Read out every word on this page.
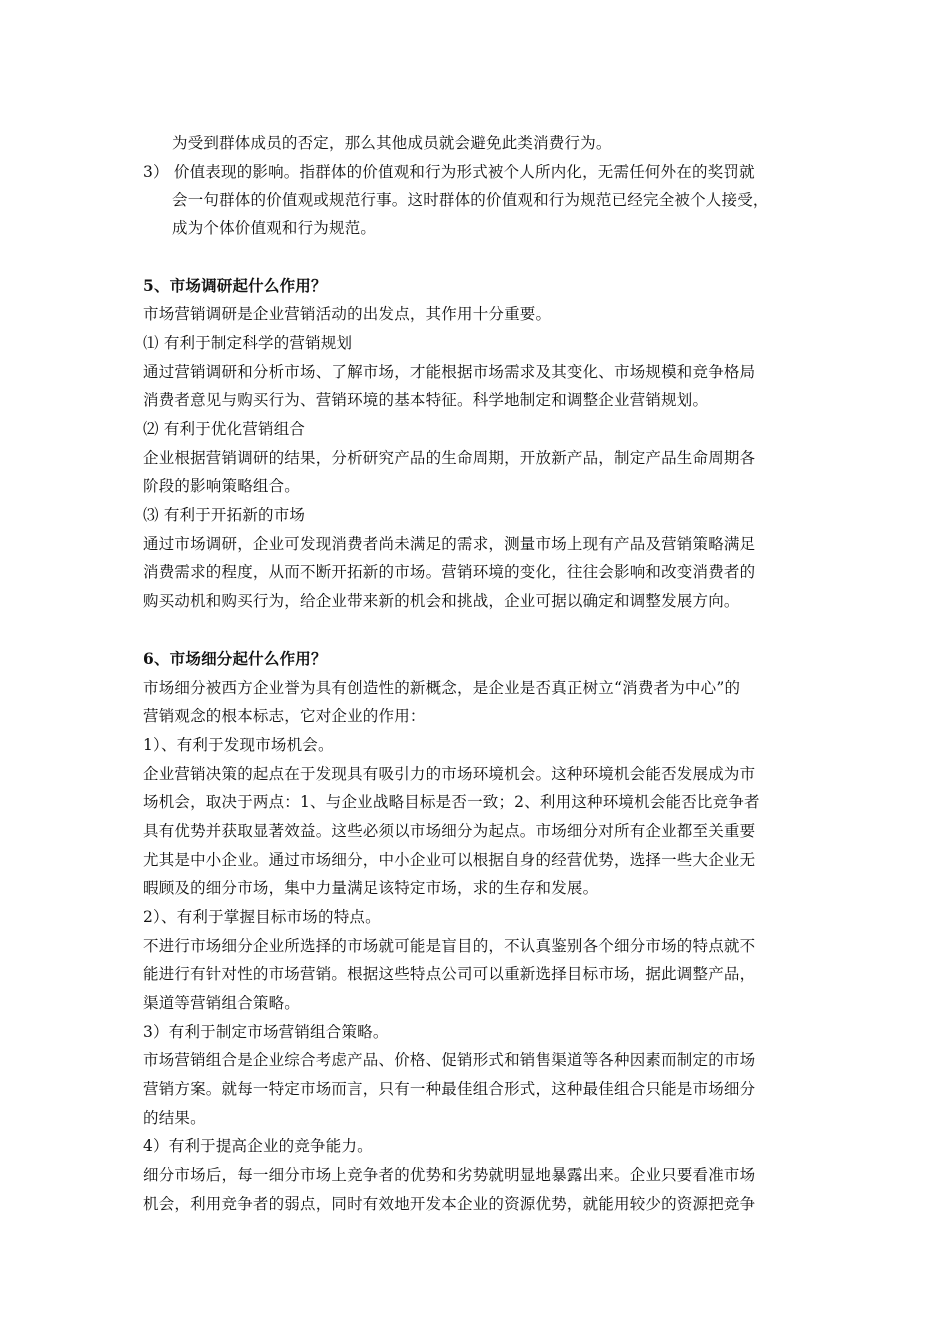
为受到群体成员的否定，那么其他成员就会避免此类消费行为。
3） 价值表现的影响。指群体的价值观和行为形式被个人所内化，无需任何外在的奖罚就
会一句群体的价值观或规范行事。这时群体的价值观和行为规范已经完全被个人接受，
成为个体价值观和行为规范。
5、市场调研起什么作用？
市场营销调研是企业营销活动的出发点，其作用十分重要。
⑴ 有利于制定科学的营销规划
通过营销调研和分析市场、了解市场，才能根据市场需求及其变化、市场规模和竞争格局
消费者意见与购买行为、营销环境的基本特征。科学地制定和调整企业营销规划。
⑵ 有利于优化营销组合
企业根据营销调研的结果，分析研究产品的生命周期，开放新产品，制定产品生命周期各
阶段的影响策略组合。
⑶ 有利于开拓新的市场
通过市场调研，企业可发现消费者尚未满足的需求，测量市场上现有产品及营销策略满足
消费需求的程度，从而不断开拓新的市场。营销环境的变化，往往会影响和改变消费者的
购买动机和购买行为，给企业带来新的机会和挑战，企业可据以确定和调整发展方向。
6、市场细分起什么作用？
市场细分被西方企业誉为具有创造性的新概念，是企业是否真正树立“消费者为中心”的
营销观念的根本标志，它对企业的作用：
1）、有利于发现市场机会。
企业营销决策的起点在于发现具有吸引力的市场环境机会。这种环境机会能否发展成为市
场机会，取决于两点：1、与企业战略目标是否一致；2、利用这种环境机会能否比竞争者
具有优势并获取显著效益。这些必须以市场细分为起点。市场细分对所有企业都至关重要
尤其是中小企业。通过市场细分，中小企业可以根据自身的经营优势，选择一些大企业无
暇顾及的细分市场，集中力量满足该特定市场，求的生存和发展。
2）、有利于掌握目标市场的特点。
不进行市场细分企业所选择的市场就可能是盲目的，不认真鉴别各个细分市场的特点就不
能进行有针对性的市场营销。根据这些特点公司可以重新选择目标市场，据此调整产品，
渠道等营销组合策略。
3）有利于制定市场营销组合策略。
市场营销组合是企业综合考虑产品、价格、促销形式和销售渠道等各种因素而制定的市场
营销方案。就每一特定市场而言，只有一种最佳组合形式，这种最佳组合只能是市场细分
的结果。
4）有利于提高企业的竞争能力。
细分市场后，每一细分市场上竞争者的优势和劣势就明显地暴露出来。企业只要看准市场
机会，利用竞争者的弱点，同时有效地开发本企业的资源优势，就能用较少的资源把竞争
